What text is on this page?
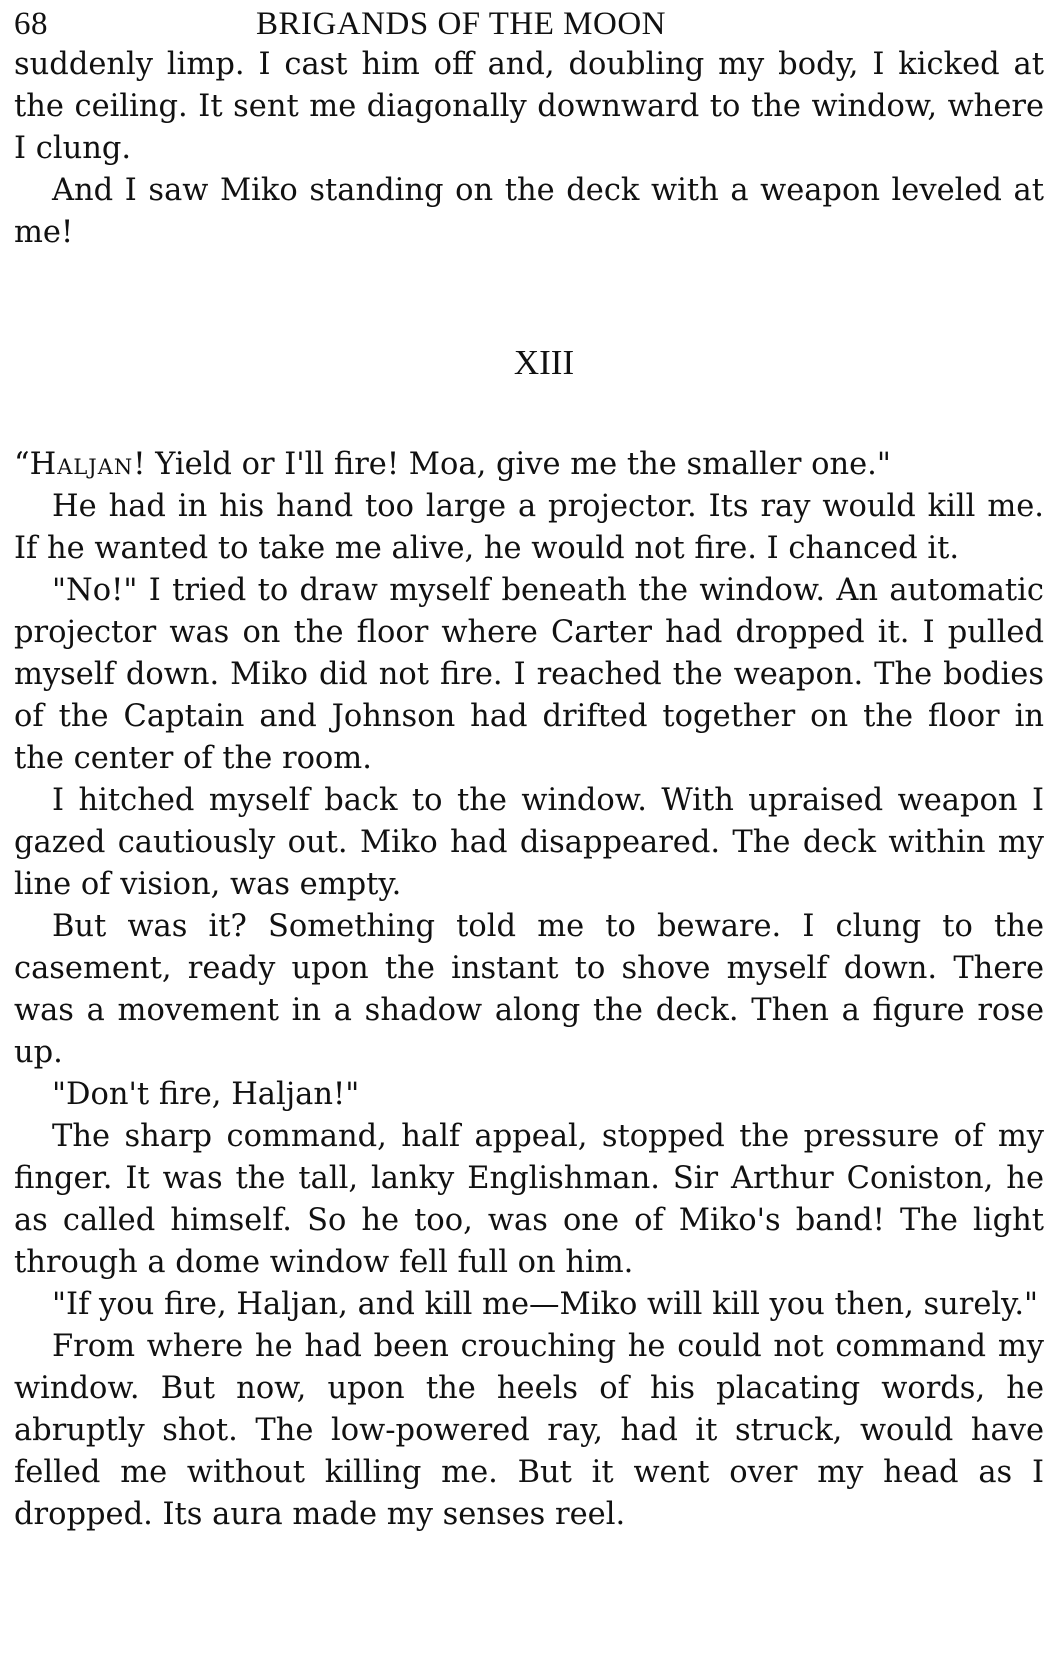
68	BRIGANDS OF THE MOON

suddenly limp. I cast him off and, doubling my body, I kicked at the ceiling. It sent me diagonally downward to the window, where I clung.

And I saw Miko standing on the deck with a weapon leveled at me!

XIII

“Haljan! Yield or I'll fire! Moa, give me the smaller one."

He had in his hand too large a projector. Its ray would kill me. If he wanted to take me alive, he would not fire. I chanced it.

"No!" I tried to draw myself beneath the window. An automatic projector was on the floor where Carter had dropped it. I pulled myself down. Miko did not fire. I reached the weapon. The bodies of the Captain and Johnson had drifted together on the floor in the center of the room.

I hitched myself back to the window. With upraised weapon I gazed cautiously out. Miko had disappeared. The deck within my line of vision, was empty.

But was it? Something told me to beware. I clung to the casement, ready upon the instant to shove myself down. There was a movement in a shadow along the deck. Then a figure rose up.

"Don't fire, Haljan!"

The sharp command, half appeal, stopped the pressure of my finger. It was the tall, lanky Englishman. Sir Arthur Coniston, he as called himself. So he too, was one of Miko's band! The light through a dome window fell full on him.

"If you fire, Haljan, and kill me—Miko will kill you then, surely."

From where he had been crouching he could not command my window. But now, upon the heels of his placating words, he abruptly shot. The low-powered ray, had it struck, would have felled me without killing me. But it went over my head as I dropped. Its aura made my senses reel.
